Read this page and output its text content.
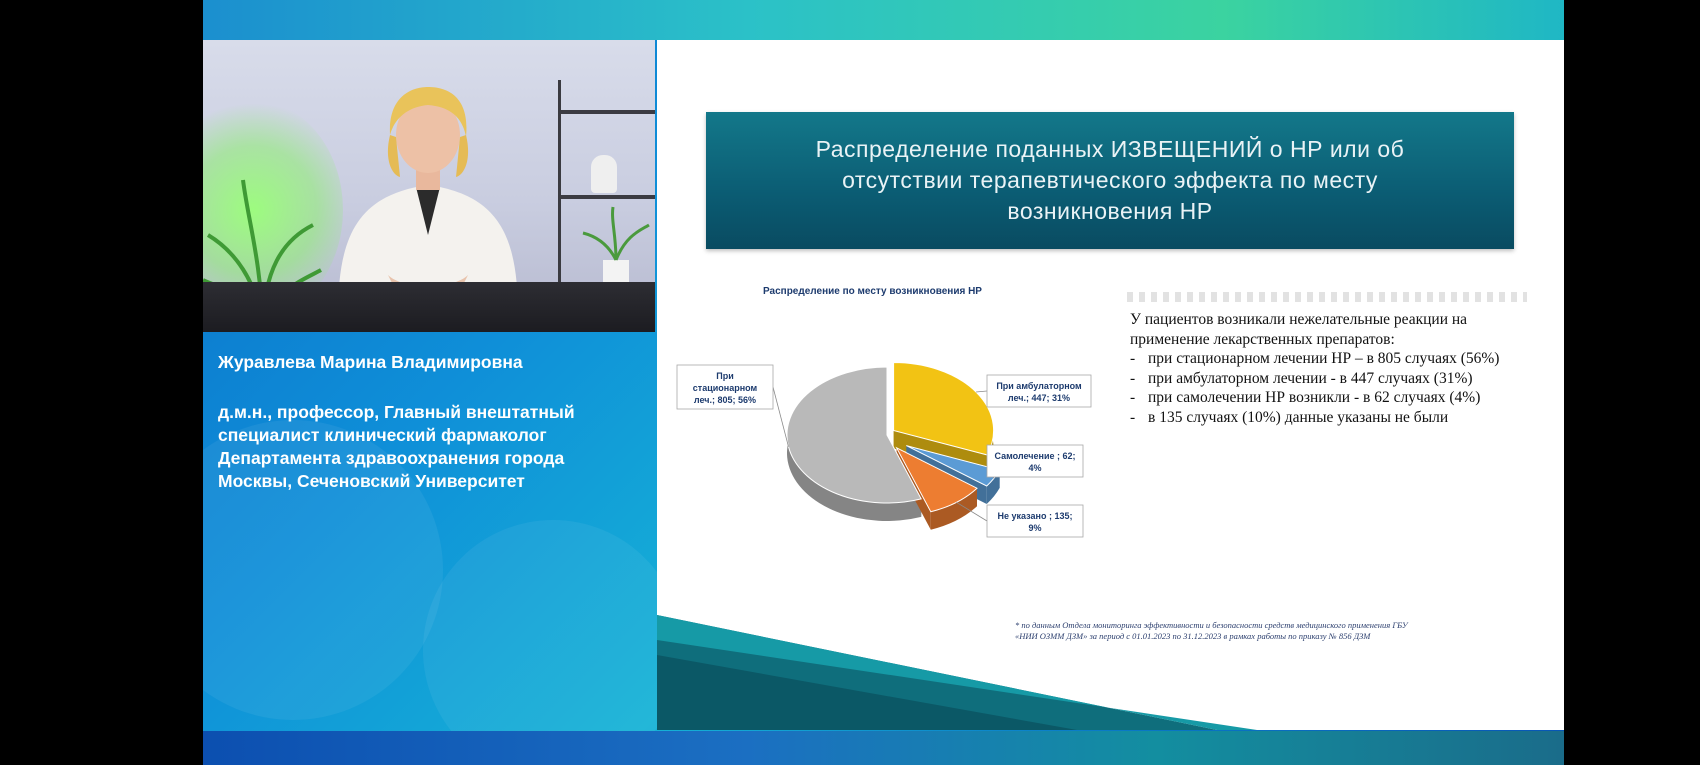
Журавлева Марина Владимировна
д.м.н., профессор, Главный внештатный
специалист клинический фармаколог
Департамента здравоохранения города
Москвы, Сеченовский Университет
Распределение поданных ИЗВЕЩЕНИЙ о НР или об
отсутствии терапевтического эффекта по месту
возникновения НР
Распределение по месту возникновения НР
При
стационарном
леч.; 805; 56%
При амбулаторном
леч.; 447; 31%
Самолечение ; 62;
4%
Не указано ; 135;
9%
У пациентов возникали нежелательные реакции на применение лекарственных препаратов:
- при стационарном лечении НР – в 805 случаях (56%)
- при амбулаторном лечении - в 447 случаях (31%)
- при самолечении НР возникли - в 62 случаях (4%)
- в 135 случаях (10%) данные указаны не были
* по данным Отдела мониторинга эффективности и безопасности средств медицинского применения ГБУ
«НИИ ОЗММ ДЗМ» за период с 01.01.2023 по 31.12.2023 в рамках работы по приказу № 856 ДЗМ
